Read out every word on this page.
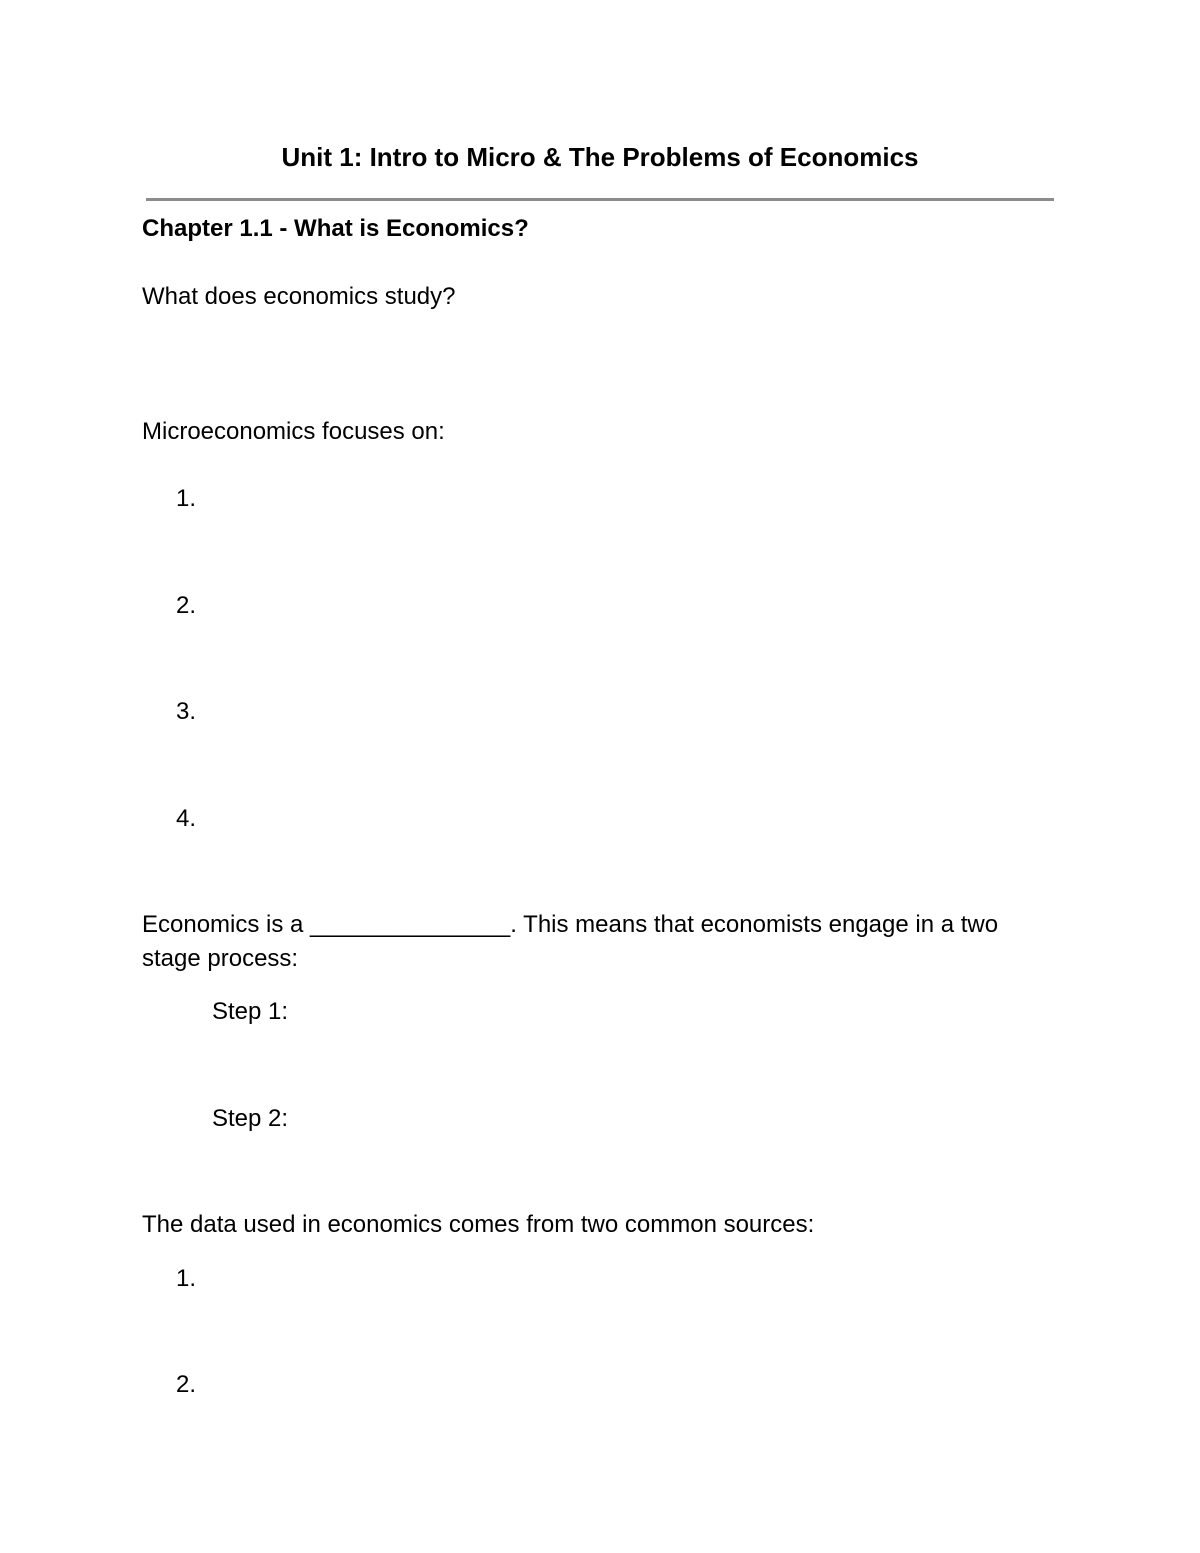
Unit 1: Intro to Micro & The Problems of Economics

Chapter 1.1 - What is Economics?

What does economics study?

Microeconomics focuses on:

1.

2.

3.

4.

Economics is a _______________. This means that economists engage in a two

stage process:

Step 1:

Step 2:

The data used in economics comes from two common sources:

1.

2.
